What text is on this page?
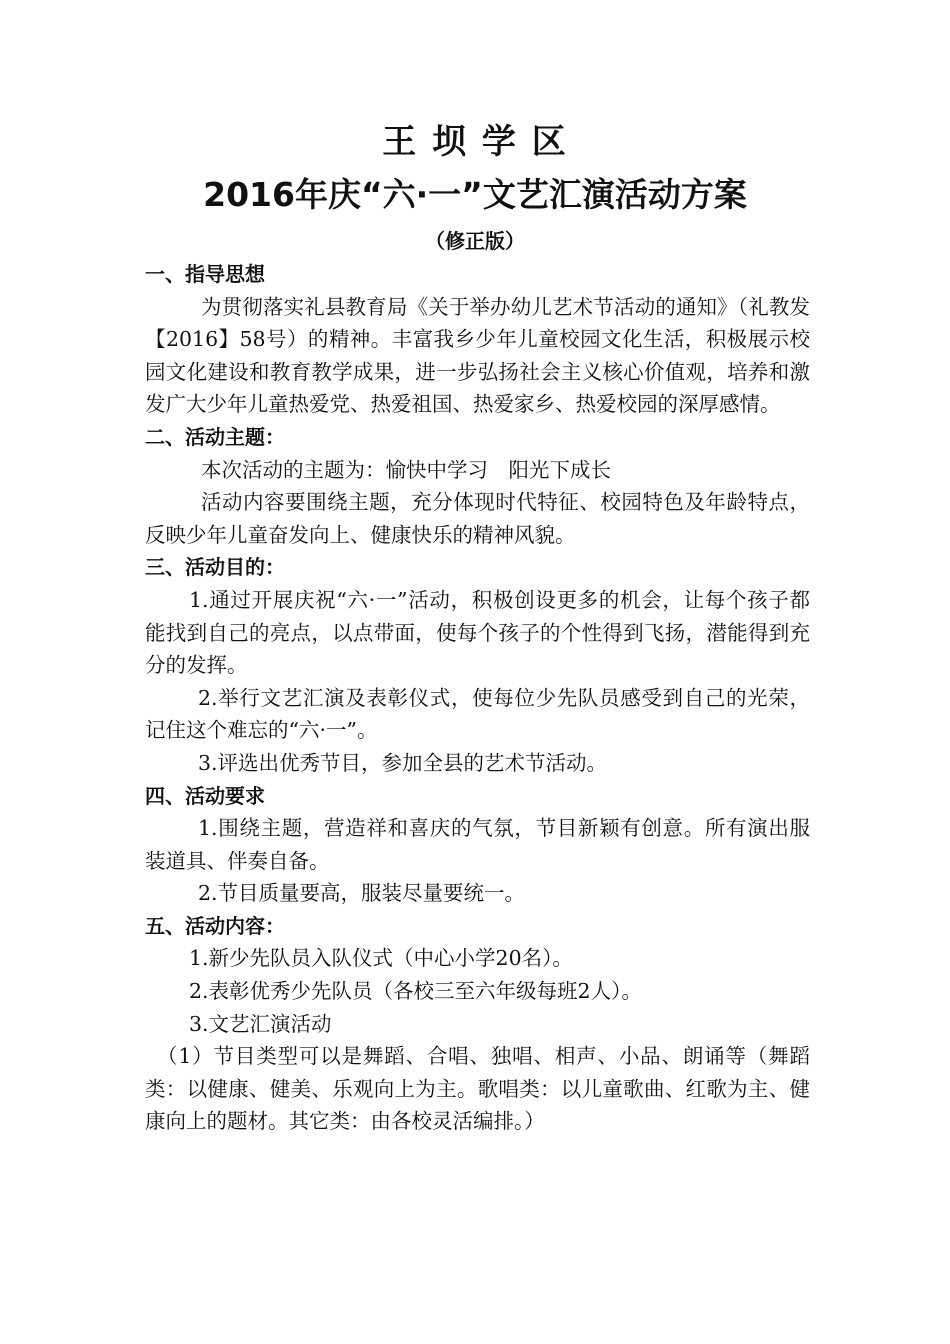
王 坝 学 区
2016年庆“六·一”文艺汇演活动方案
（修正版）

一、指导思想

为贯彻落实礼县教育局《关于举办幼儿艺术节活动的通知》（礼教发【2016】58号）的精神。丰富我乡少年儿童校园文化生活，积极展示校园文化建设和教育教学成果，进一步弘扬社会主义核心价值观，培养和激发广大少年儿童热爱党、热爱祖国、热爱家乡、热爱校园的深厚感情。

二、活动主题：

本次活动的主题为：愉快中学习　阳光下成长

活动内容要围绕主题，充分体现时代特征、校园特色及年龄特点，反映少年儿童奋发向上、健康快乐的精神风貌。

三、活动目的：

1.通过开展庆祝“六·一”活动，积极创设更多的机会，让每个孩子都能找到自己的亮点，以点带面，使每个孩子的个性得到飞扬，潜能得到充分的发挥。

2.举行文艺汇演及表彰仪式，使每位少先队员感受到自己的光荣，记住这个难忘的“六·一”。

3.评选出优秀节目，参加全县的艺术节活动。

四、活动要求

1.围绕主题，营造祥和喜庆的气氛，节目新颖有创意。所有演出服装道具、伴奏自备。

2.节目质量要高，服装尽量要统一。

五、活动内容：

1.新少先队员入队仪式（中心小学20名）。

2.表彰优秀少先队员（各校三至六年级每班2人）。

3.文艺汇演活动

（1）节目类型可以是舞蹈、合唱、独唱、相声、小品、朗诵等（舞蹈类：以健康、健美、乐观向上为主。歌唱类：以儿童歌曲、红歌为主、健康向上的题材。其它类：由各校灵活编排。）
